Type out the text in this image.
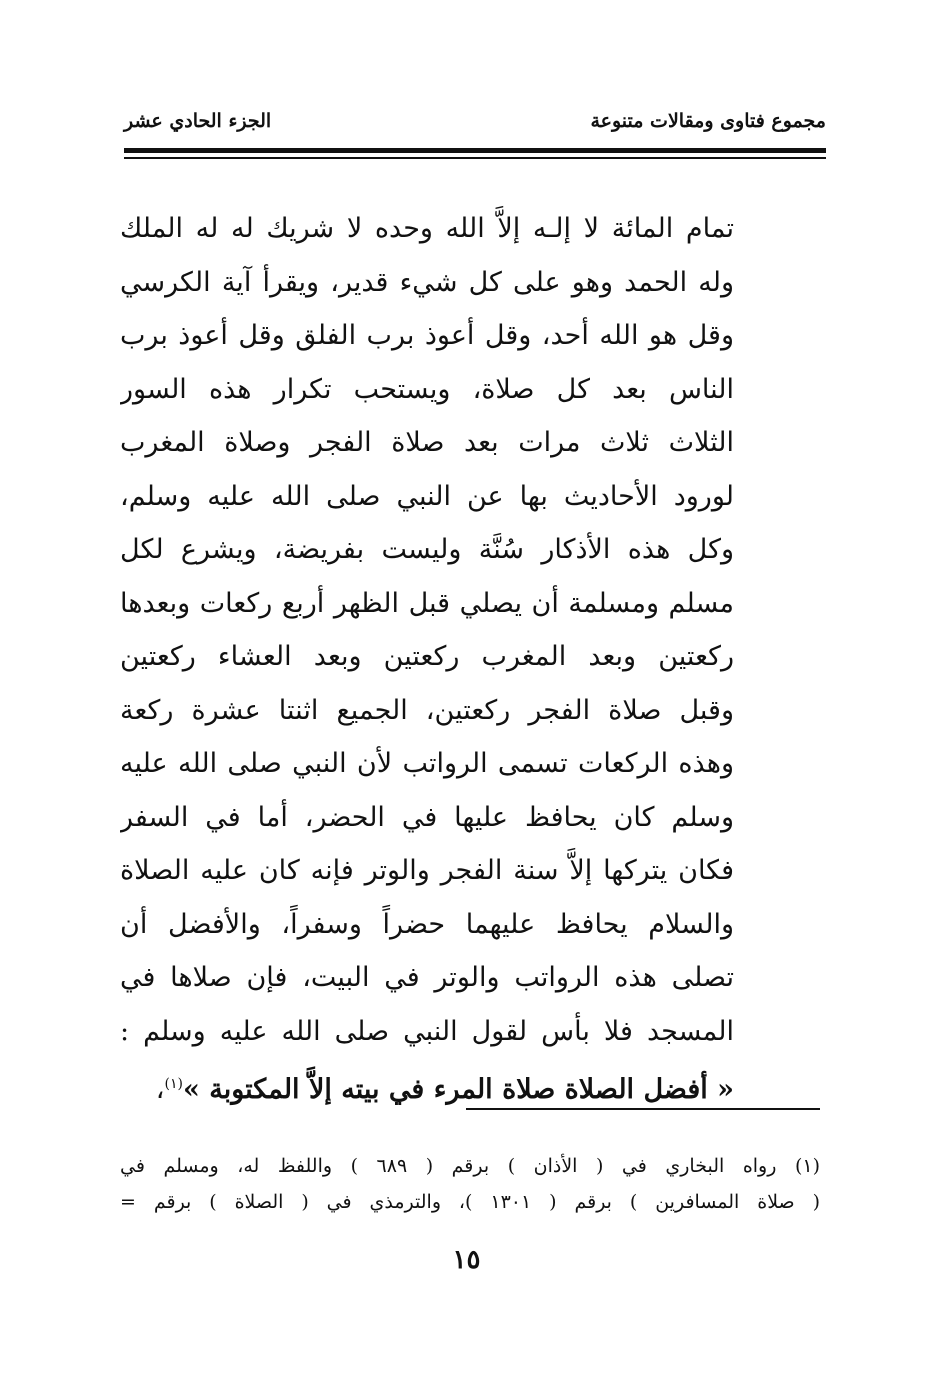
مجموع فتاوى ومقالات متنوعة
الجزء الحادي عشر
تمام المائة لا إلـه إلاَّ الله وحده لا شريك له له الملك
وله الحمد وهو على كل شيء قدير، ويقرأ آية الكرسي
وقل هو الله أحد، وقل أعوذ برب الفلق وقل أعوذ برب
الناس بعد كل صلاة، ويستحب تكرار هذه السور
الثلاث ثلاث مرات بعد صلاة الفجر وصلاة المغرب
لورود الأحاديث بها عن النبي صلى الله عليه وسلم،
وكل هذه الأذكار سُنَّة وليست بفريضة، ويشرع لكل
مسلم ومسلمة أن يصلي قبل الظهر أربع ركعات وبعدها
ركعتين وبعد المغرب ركعتين وبعد العشاء ركعتين
وقبل صلاة الفجر ركعتين، الجميع اثنتا عشرة ركعة
وهذه الركعات تسمى الرواتب لأن النبي صلى الله عليه
وسلم كان يحافظ عليها في الحضر، أما في السفر
فكان يتركها إلاَّ سنة الفجر والوتر فإنه كان عليه الصلاة
والسلام يحافظ عليهما حضراً وسفراً، والأفضل أن
تصلى هذه الرواتب والوتر في البيت، فإن صلاها في
المسجد فلا بأس لقول النبي صلى الله عليه وسلم :
« أفضل الصلاة صلاة المرء في بيته إلاَّ المكتوبة »$^{(١)}$،
(١) رواه البخاري في ( الأذان ) برقم ( ٦٨٩ ) واللفظ له، ومسلم في
( صلاة المسافرين ) برقم ( ١٣٠١ )، والترمذي في ( الصلاة ) برقم =
١٥
